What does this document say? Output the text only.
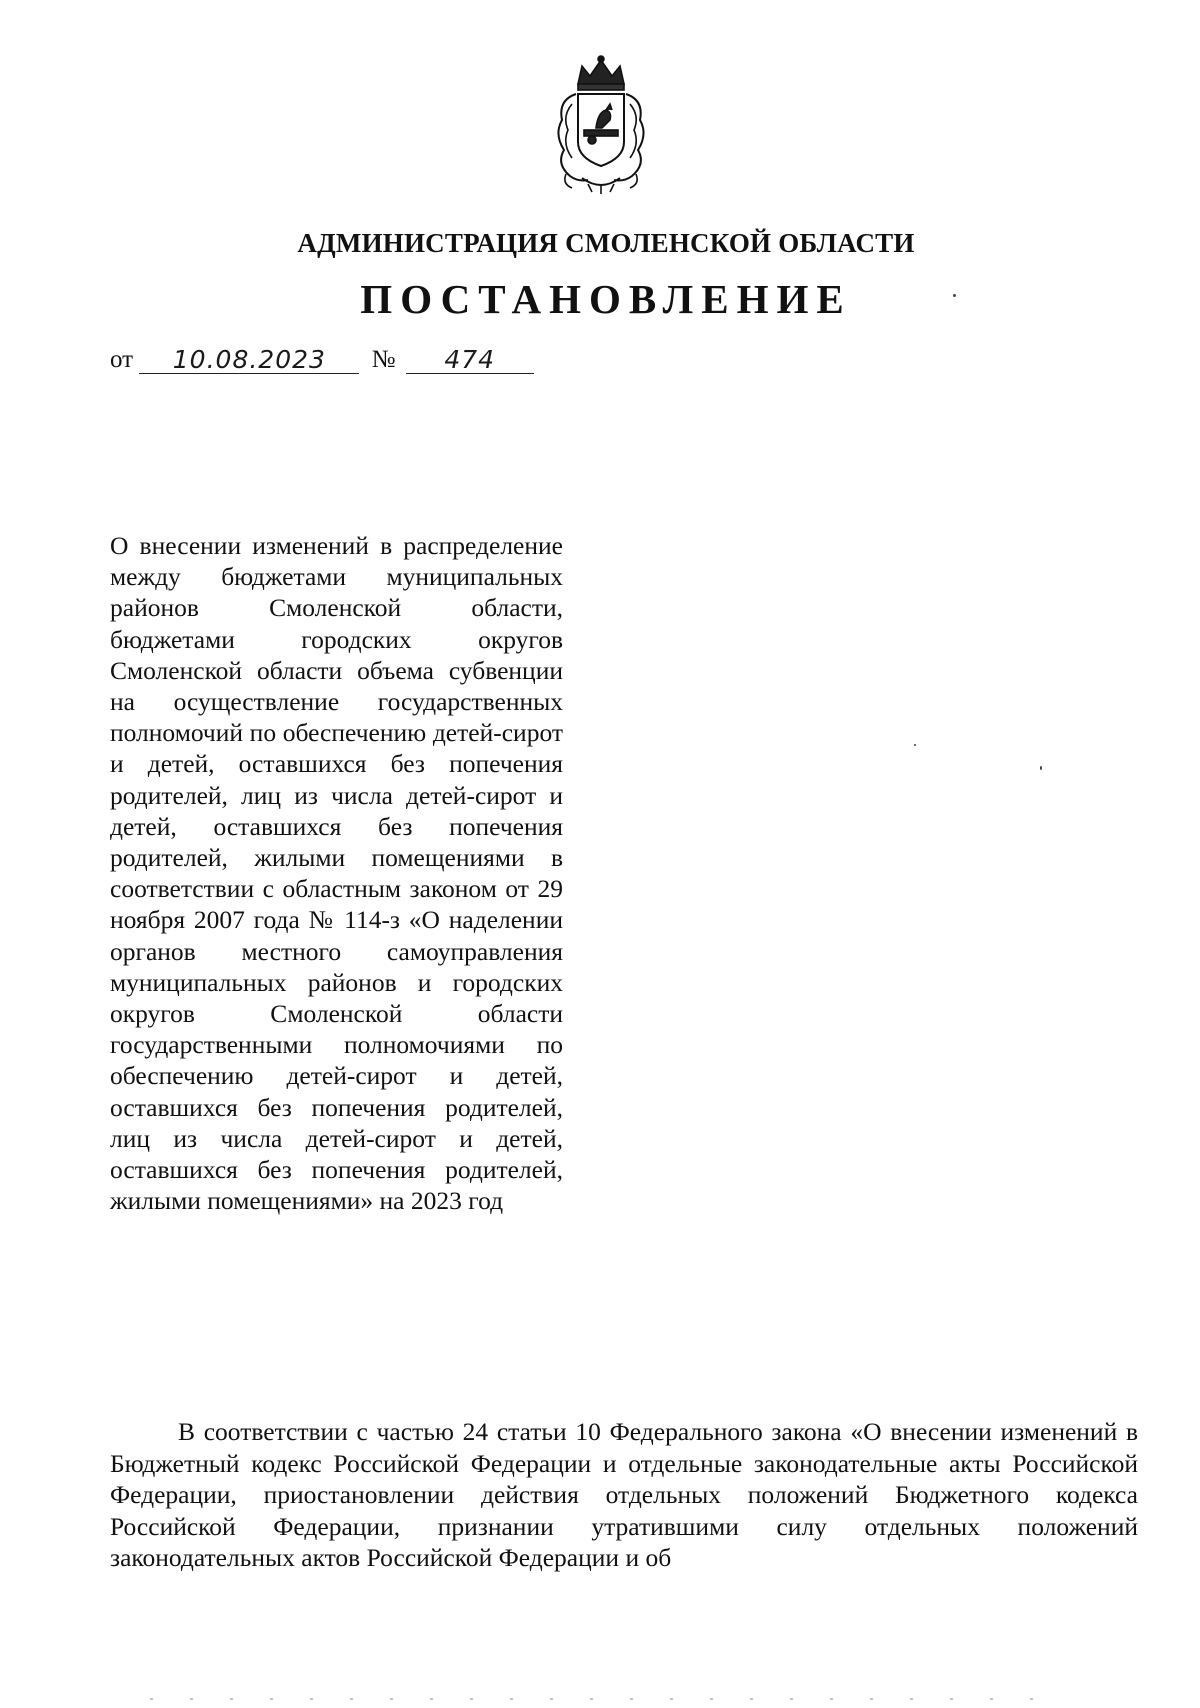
АДМИНИСТРАЦИЯ СМОЛЕНСКОЙ ОБЛАСТИ
ПОСТАНОВЛЕНИЕ
от 10.08.2023 № 474
О внесении изменений в распределение между бюджетами муниципальных районов Смоленской области, бюджетами городских округов Смоленской области объема субвенции на осуществление государственных полномочий по обеспечению детей-сирот и детей, оставшихся без попечения родителей, лиц из числа детей-сирот и детей, оставшихся без попечения родителей, жилыми помещениями в соответствии с областным законом от 29 ноября 2007 года № 114-з «О наделении органов местного самоуправления муниципальных районов и городских округов Смоленской области государственными полномочиями по обеспечению детей-сирот и детей, оставшихся без попечения родителей, лиц из числа детей-сирот и детей, оставшихся без попечения родителей, жилыми помещениями» на 2023 год
В соответствии с частью 24 статьи 10 Федерального закона «О внесении изменений в Бюджетный кодекс Российской Федерации и отдельные законодательные акты Российской Федерации, приостановлении действия отдельных положений Бюджетного кодекса Российской Федерации, признании утратившими силу отдельных положений законодательных актов Российской Федерации и об
